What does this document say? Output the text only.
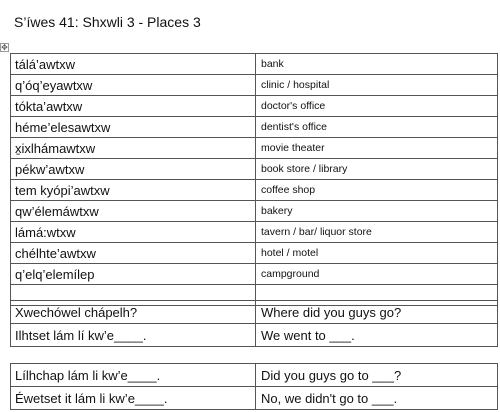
S’íwes 41: Shxwli 3 - Places 3
✥
tálá’awtxw	bank
q’óq’eyawtxw	clinic / hospital
tókta’awtxw	doctor's office
héme’elesawtxw	dentist's office
x̱ixlhámawtxw	movie theater
pékw’awtxw	book store / library
tem kyópi’awtxw	coffee shop
qw’élemáwtxw	bakery
lámá:wtxw	tavern / bar/ liquor store
chélhte’awtxw	hotel / motel
q’elq’elemílep	campground

Xwechówel chápelh?	Where did you guys go?
Ilhtset lám lí kw’e____.	We went to ___.
Lílhchap lám li kw’e____.	Did you guys go to ___?
Éwetset it lám li kw’e____.	No, we didn't go to ___.
